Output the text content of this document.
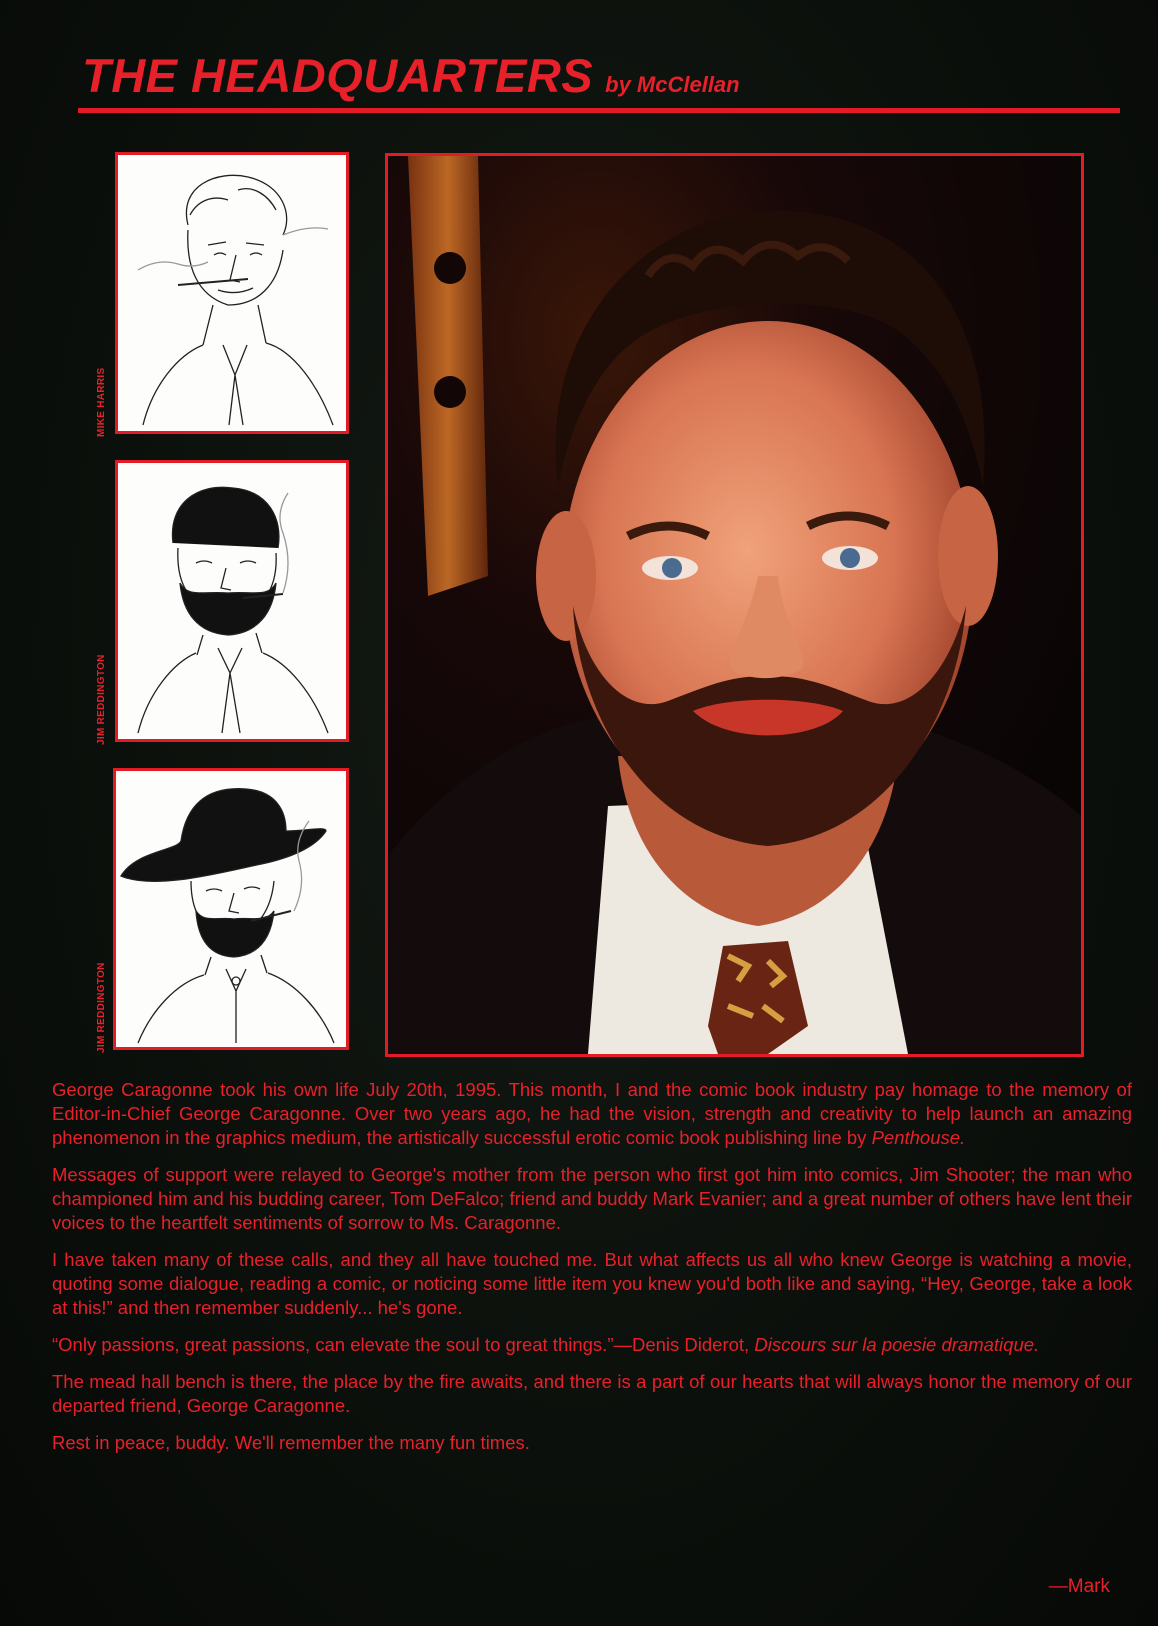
THE HEADQUARTERS by McClellan
MIKE HARRIS
JIM REDDINGTON
JIM REDDINGTON

George Caragonne took his own life July 20th, 1995. This month, I and the comic book industry pay homage to the memory of Editor-in-Chief George Caragonne. Over two years ago, he had the vision, strength and creativity to help launch an amazing phenomenon in the graphics medium, the artistically successful erotic comic book publishing line by Penthouse.

Messages of support were relayed to George's mother from the person who first got him into comics, Jim Shooter; the man who championed him and his budding career, Tom DeFalco; friend and buddy Mark Evanier; and a great number of others have lent their voices to the heartfelt sentiments of sorrow to Ms. Caragonne.

I have taken many of these calls, and they all have touched me. But what affects us all who knew George is watching a movie, quoting some dialogue, reading a comic, or noticing some little item you knew you'd both like and saying, “Hey, George, take a look at this!” and then remember suddenly... he's gone.

“Only passions, great passions, can elevate the soul to great things.”—Denis Diderot, Discours sur la poesie dramatique.

The mead hall bench is there, the place by the fire awaits, and there is a part of our hearts that will always honor the memory of our departed friend, George Caragonne.

Rest in peace, buddy. We'll remember the many fun times.

—Mark
